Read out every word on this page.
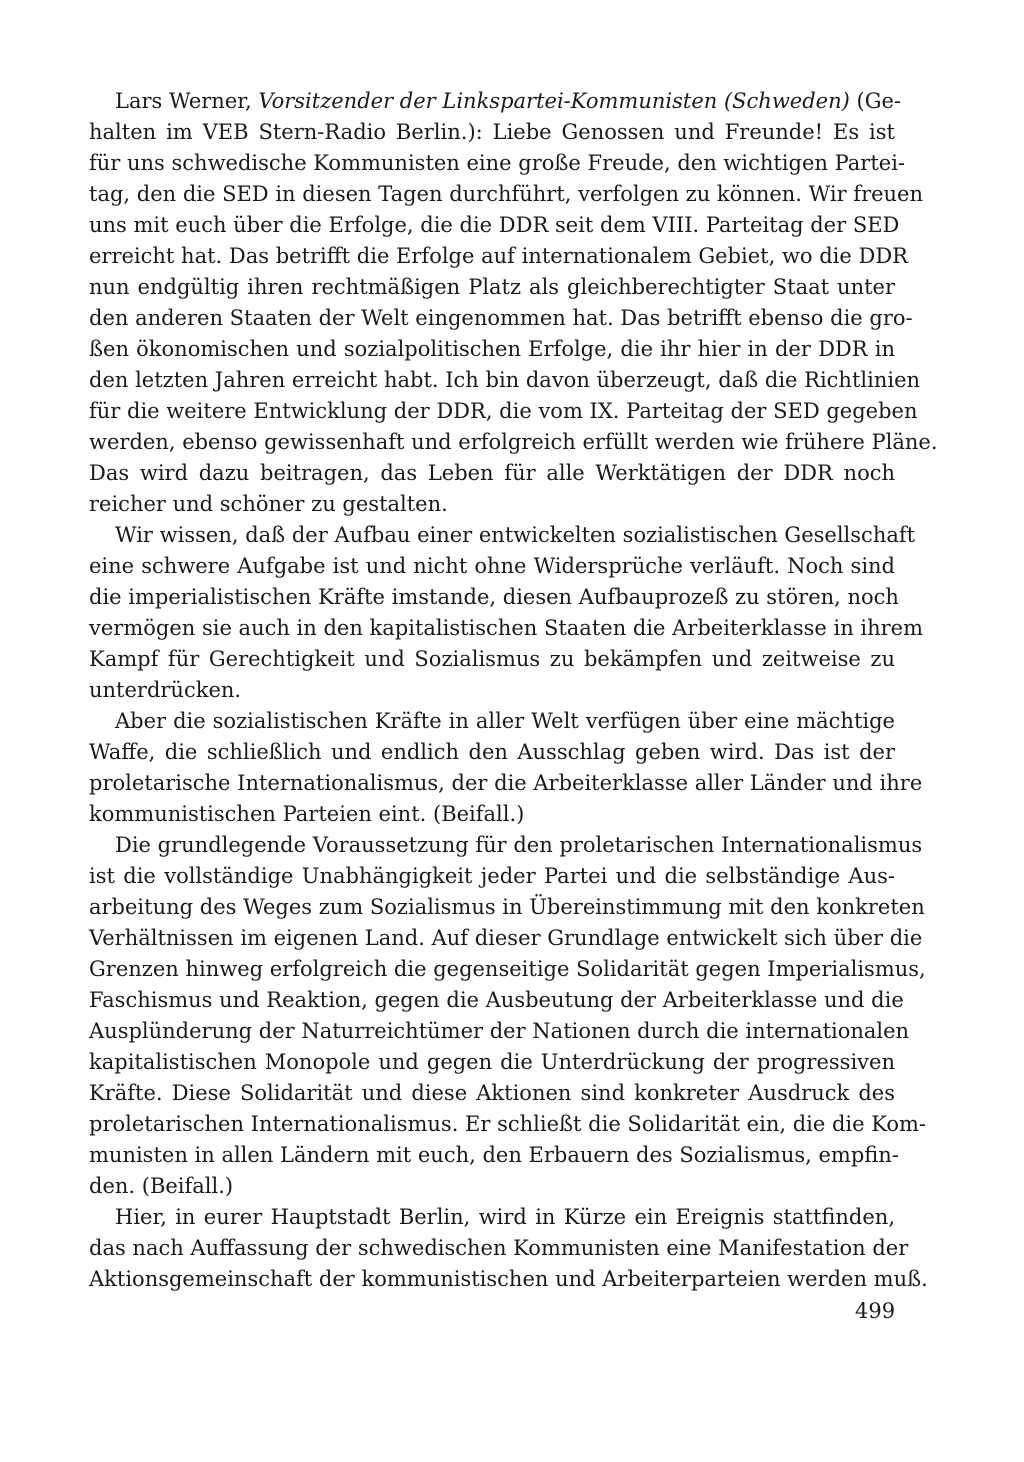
Lars Werner, Vorsitzender der Linkspartei-Kommunisten (Schweden) (Ge-
halten im VEB Stern-Radio Berlin.): Liebe Genossen und Freunde! Es ist
für uns schwedische Kommunisten eine große Freude, den wichtigen Partei-
tag, den die SED in diesen Tagen durchführt, verfolgen zu können. Wir freuen
uns mit euch über die Erfolge, die die DDR seit dem VIII. Parteitag der SED
erreicht hat. Das betrifft die Erfolge auf internationalem Gebiet, wo die DDR
nun endgültig ihren rechtmäßigen Platz als gleichberechtigter Staat unter
den anderen Staaten der Welt eingenommen hat. Das betrifft ebenso die gro-
ßen ökonomischen und sozialpolitischen Erfolge, die ihr hier in der DDR in
den letzten Jahren erreicht habt. Ich bin davon überzeugt, daß die Richtlinien
für die weitere Entwicklung der DDR, die vom IX. Parteitag der SED gegeben
werden, ebenso gewissenhaft und erfolgreich erfüllt werden wie frühere Pläne.
Das wird dazu beitragen, das Leben für alle Werktätigen der DDR noch
reicher und schöner zu gestalten.
Wir wissen, daß der Aufbau einer entwickelten sozialistischen Gesellschaft
eine schwere Aufgabe ist und nicht ohne Widersprüche verläuft. Noch sind
die imperialistischen Kräfte imstande, diesen Aufbauprozeß zu stören, noch
vermögen sie auch in den kapitalistischen Staaten die Arbeiterklasse in ihrem
Kampf für Gerechtigkeit und Sozialismus zu bekämpfen und zeitweise zu
unterdrücken.
Aber die sozialistischen Kräfte in aller Welt verfügen über eine mächtige
Waffe, die schließlich und endlich den Ausschlag geben wird. Das ist der
proletarische Internationalismus, der die Arbeiterklasse aller Länder und ihre
kommunistischen Parteien eint. (Beifall.)
Die grundlegende Voraussetzung für den proletarischen Internationalismus
ist die vollständige Unabhängigkeit jeder Partei und die selbständige Aus-
arbeitung des Weges zum Sozialismus in Übereinstimmung mit den konkreten
Verhältnissen im eigenen Land. Auf dieser Grundlage entwickelt sich über die
Grenzen hinweg erfolgreich die gegenseitige Solidarität gegen Imperialismus,
Faschismus und Reaktion, gegen die Ausbeutung der Arbeiterklasse und die
Ausplünderung der Naturreichtümer der Nationen durch die internationalen
kapitalistischen Monopole und gegen die Unterdrückung der progressiven
Kräfte. Diese Solidarität und diese Aktionen sind konkreter Ausdruck des
proletarischen Internationalismus. Er schließt die Solidarität ein, die die Kom-
munisten in allen Ländern mit euch, den Erbauern des Sozialismus, empfin-
den. (Beifall.)
Hier, in eurer Hauptstadt Berlin, wird in Kürze ein Ereignis stattfinden,
das nach Auffassung der schwedischen Kommunisten eine Manifestation der
Aktionsgemeinschaft der kommunistischen und Arbeiterparteien werden muß.
499
